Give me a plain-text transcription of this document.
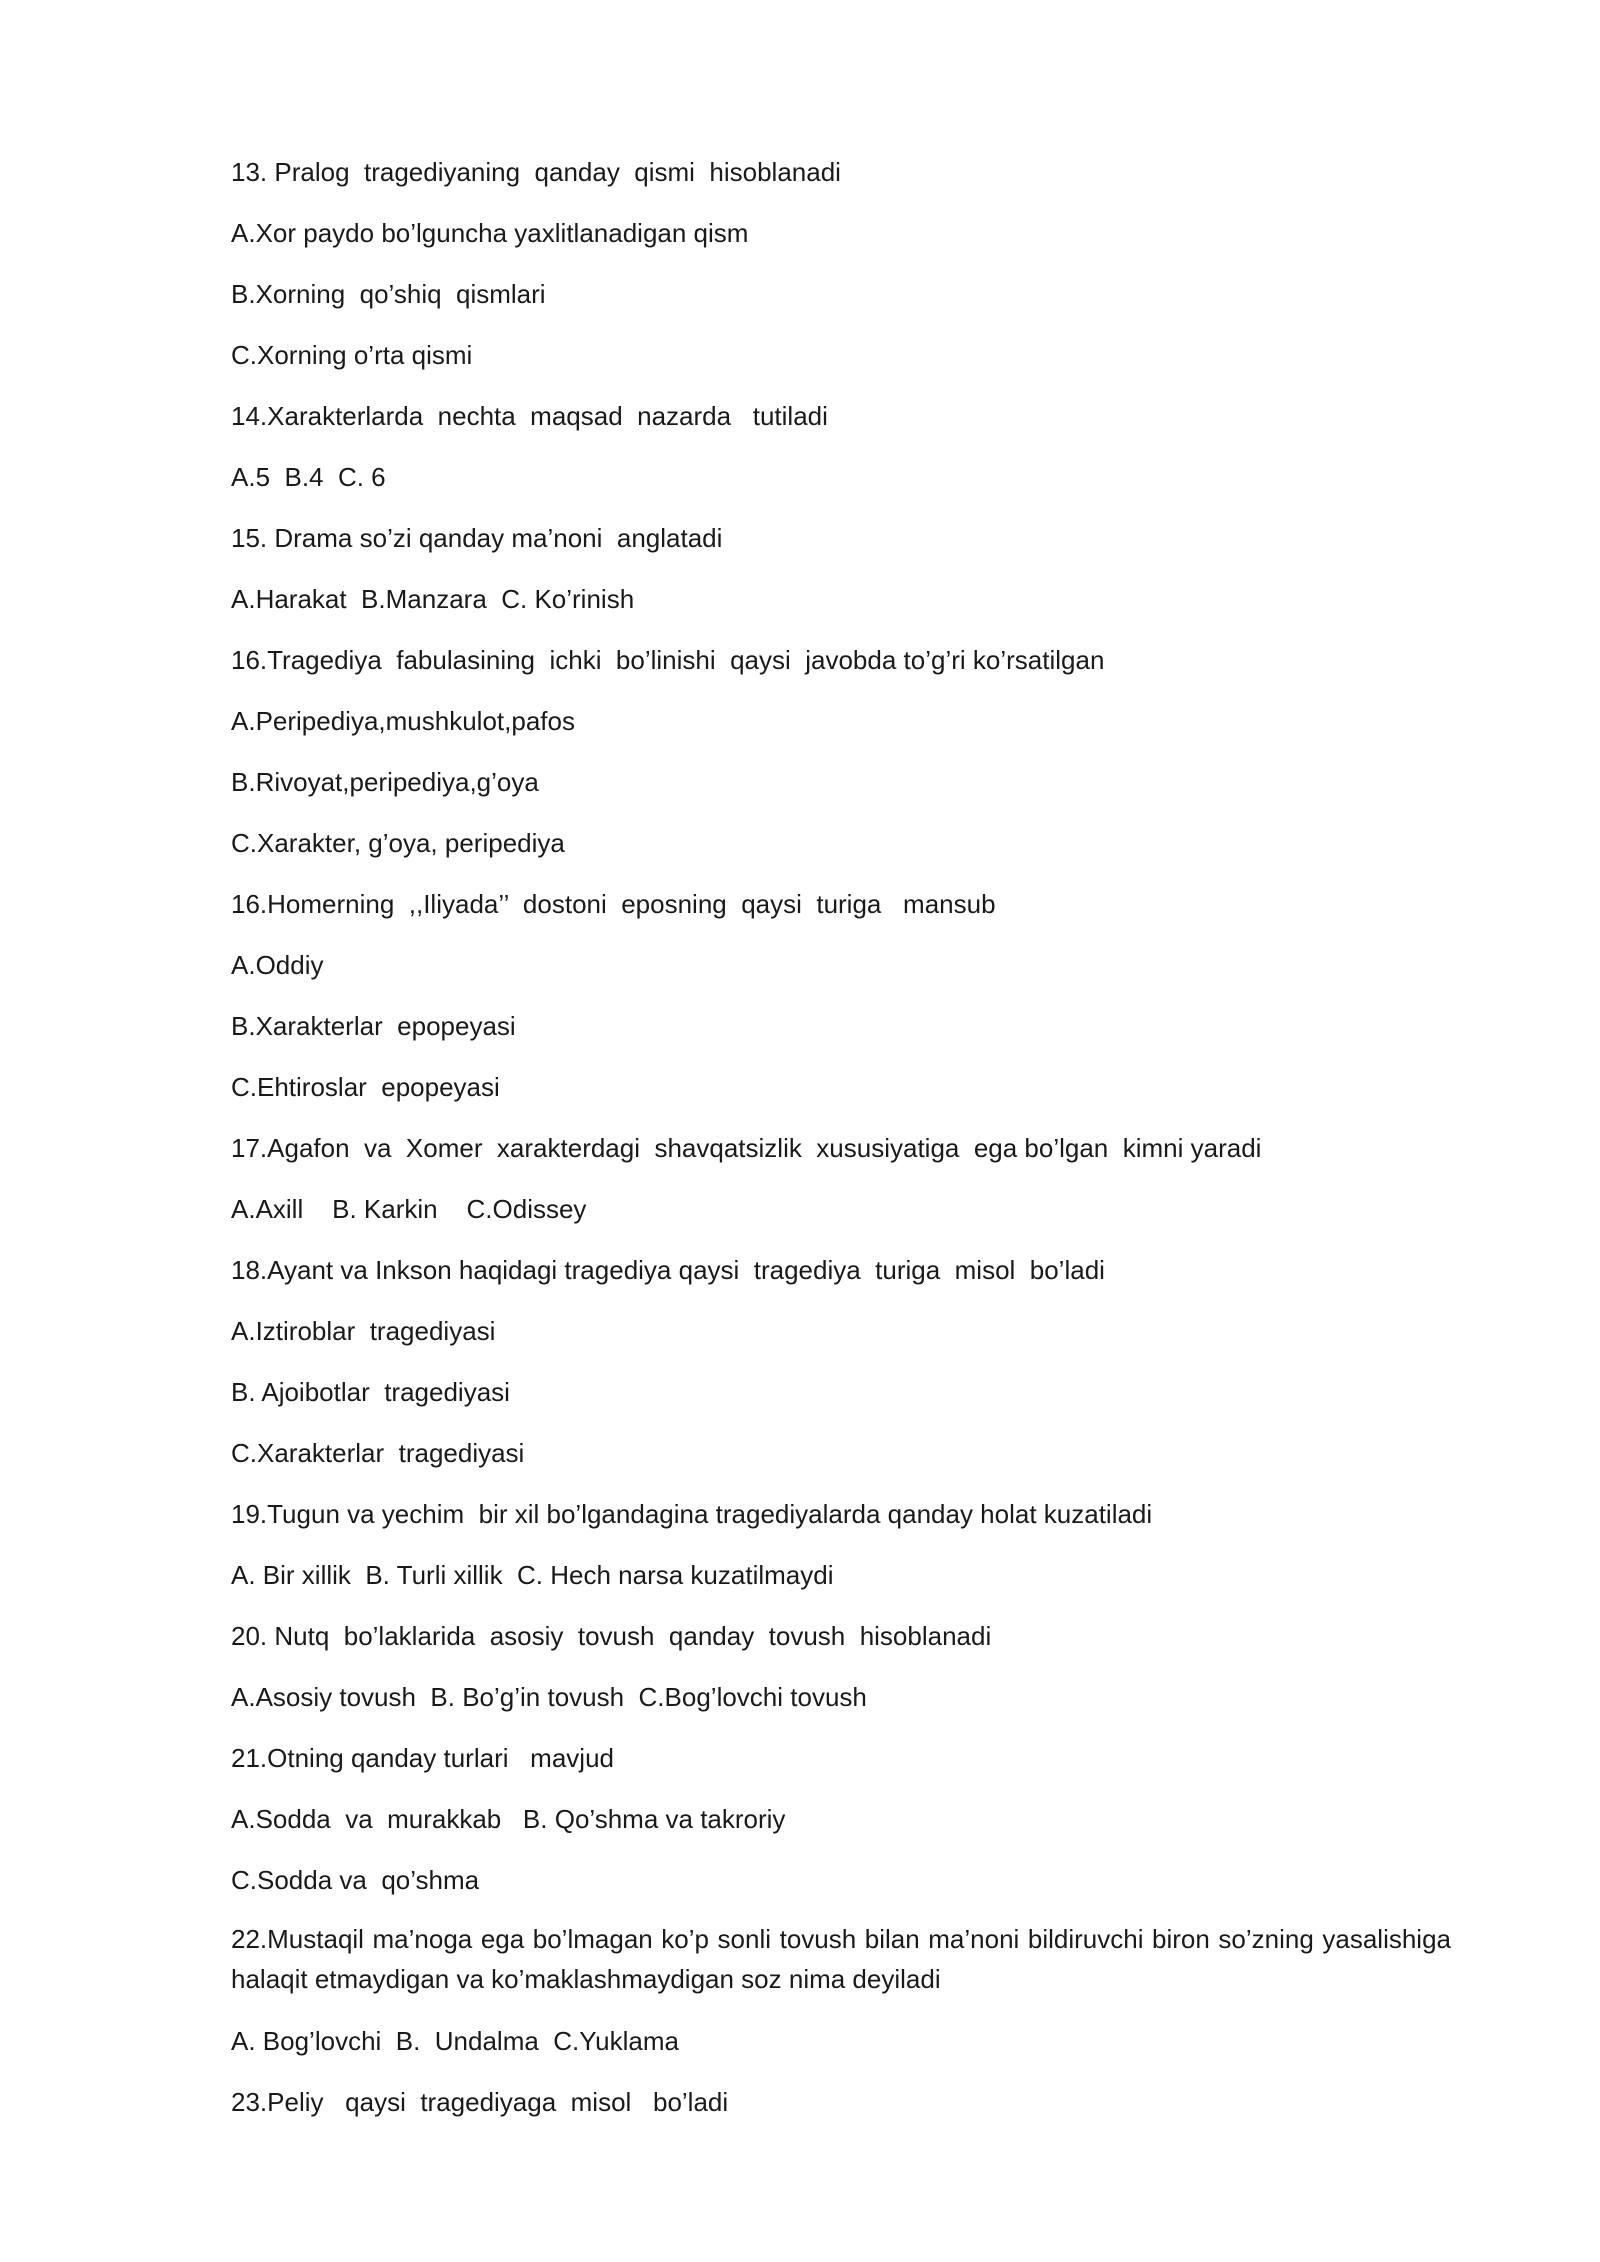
13. Pralog  tragediyaning  qanday  qismi  hisoblanadi
A.Xor paydo bo’lguncha yaxlitlanadigan qism
B.Xorning  qo’shiq  qismlari
C.Xorning o’rta qismi
14.Xarakterlarda  nechta  maqsad  nazarda   tutiladi
A.5  B.4  C. 6
15. Drama so’zi qanday ma’noni  anglatadi
A.Harakat  B.Manzara  C. Ko’rinish
16.Tragediya  fabulasining  ichki  bo’linishi  qaysi  javobda to’g’ri ko’rsatilgan
A.Peripediya,mushkulot,pafos
B.Rivoyat,peripediya,g’oya
C.Xarakter, g’oya, peripediya
16.Homerning  ,,Iliyada’’  dostoni  eposning  qaysi  turiga   mansub
A.Oddiy
B.Xarakterlar  epopeyasi
C.Ehtiroslar  epopeyasi
17.Agafon  va  Xomer  xarakterdagi  shavqatsizlik  xususiyatiga  ega bo’lgan  kimni yaradi
A.Axill    B. Karkin    C.Odissey
18.Ayant va Inkson haqidagi tragediya qaysi  tragediya  turiga  misol  bo’ladi
A.Iztiroblar  tragediyasi
B. Ajoibotlar  tragediyasi
C.Xarakterlar  tragediyasi
19.Tugun va yechim  bir xil bo’lgandagina tragediyalarda qanday holat kuzatiladi
A. Bir xillik  B. Turli xillik  C. Hech narsa kuzatilmaydi
20. Nutq  bo’laklarida  asosiy  tovush  qanday  tovush  hisoblanadi
A.Asosiy tovush  B. Bo’g’in tovush  C.Bog’lovchi tovush
21.Otning qanday turlari   mavjud
A.Sodda  va  murakkab   B. Qo’shma va takroriy
C.Sodda va  qo’shma
22.Mustaqil ma’noga ega bo’lmagan ko’p sonli tovush bilan ma’noni bildiruvchi biron so’zning yasalishiga halaqit etmaydigan va ko’maklashmaydigan soz nima deyiladi
A. Bog’lovchi  B.  Undalma  C.Yuklama
23.Peliy   qaysi  tragediyaga  misol   bo’ladi
